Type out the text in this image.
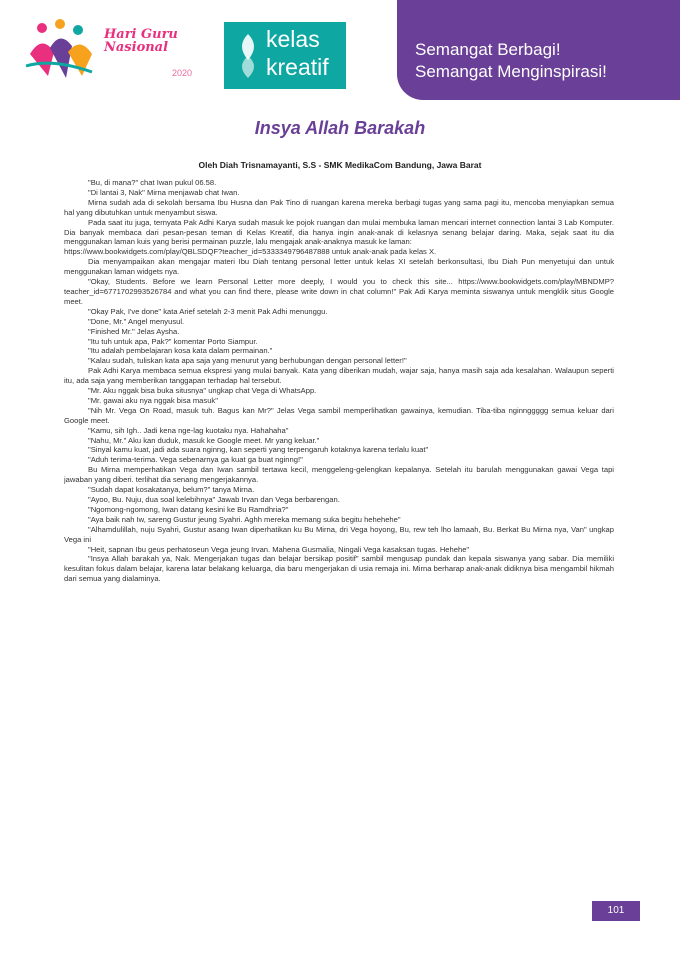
Hari Guru Nasional
2020
kelas
kreatif
Semangat Berbagi!
Semangat Menginspirasi!
Insya Allah Barakah
Oleh Diah Trisnamayanti, S.S - SMK MedikaCom Bandung, Jawa Barat

"Bu, di mana?" chat Iwan pukul 06.58.

"Di lantai 3, Nak" Mirna menjawab chat Iwan.

Mirna sudah ada di sekolah bersama Ibu Husna dan Pak Tino di ruangan karena mereka berbagi tugas yang sama pagi itu, mencoba menyiapkan semua hal yang dibutuhkan untuk menyambut siswa.

Pada saat itu juga, ternyata Pak Adhi Karya sudah masuk ke pojok ruangan dan mulai membuka laman mencari internet connection lantai 3 Lab Komputer. Dia banyak membaca dari pesan-pesan teman di Kelas Kreatif, dia hanya ingin anak-anak di kelasnya senang belajar daring. Maka, sejak saat itu dia menggunakan laman kuis yang berisi permainan puzzle, lalu mengajak anak-anaknya masuk ke laman:

https://www.bookwidgets.com/play/QBLSDQF?teacher_id=5333349796487888 untuk anak-anak pada kelas X.

Dia menyampaikan akan mengajar materi Ibu Diah tentang personal letter untuk kelas XI setelah berkonsultasi, Ibu Diah Pun menyetujui dan untuk menggunakan laman widgets nya.

"Okay, Students. Before we learn Personal Letter more deeply, I would you to check this site... https://www.bookwidgets.com/play/MBNDMP?teacher_id=6771702993526784 and what you can find there, please write down in chat column!" Pak Adi Karya meminta siswanya untuk mengklik situs Google meet.

"Okay Pak, I've done" kata Arief setelah 2-3 menit Pak Adhi menunggu.

"Done, Mr." Angel menyusul.

"Finished Mr." Jelas Aysha.

"Itu tuh untuk apa, Pak?" komentar Porto Siampur.

"Itu adalah pembelajaran kosa kata dalam permainan."

"Kalau sudah, tuliskan kata apa saja yang menurut yang berhubungan dengan personal letter!"

Pak Adhi Karya membaca semua ekspresi yang mulai banyak. Kata yang diberikan mudah, wajar saja, hanya masih saja ada kesalahan. Walaupun seperti itu, ada saja yang memberikan tanggapan terhadap hal tersebut.

"Mr. Aku nggak bisa buka situsnya" ungkap chat Vega di WhatsApp.

"Mr. gawai aku nya nggak bisa masuk"

"Nih Mr. Vega On Road, masuk tuh. Bagus kan Mr?" Jelas Vega sambil memperlihatkan gawainya, kemudian. Tiba-tiba nginnggggg semua keluar dari Google meet.

"Kamu, sih Igh.. Jadi kena nge-lag kuotaku nya. Hahahaha"

"Nahu, Mr." Aku kan duduk, masuk ke Google meet. Mr yang keluar."

"Sinyal kamu kuat, jadi ada suara nginng, kan seperti yang terpengaruh kotaknya karena terlalu kuat"

"Aduh terima-terima. Vega sebenarnya ga kuat ga buat nginng!"

Bu Mirna memperhatikan Vega dan Iwan sambil tertawa kecil, menggeleng-gelengkan kepalanya. Setelah itu barulah menggunakan gawai Vega tapi jawaban yang diberi. terlihat dia senang mengerjakannya.

"Sudah dapat kosakatanya, belum?" tanya Mirna.

"Ayoo, Bu. Nuju, dua soal kelebihnya" Jawab Irvan dan Vega berbarengan.

"Ngomong-ngomong, Iwan datang kesini ke Bu Ramdhria?"

"Aya baik nah Iw, sareng Gustur jeung Syahri. Aghh mereka memang suka begitu hehehehe"

"Alhamdulillah, nuju Syahri, Gustur asang Iwan diperhatikan ku Bu Mirna, dri Vega hoyong, Bu, rew teh lho lamaah, Bu. Berkat Bu Mirna nya, Van" ungkap Vega ini

"Heit, sapnan Ibu geus perhatoseun Vega jeung Irvan. Mahena Gusmalia, Ningali Vega kasaksan tugas. Hehehe"

"Insya Allah barakah ya, Nak. Mengerjakan tugas dan belajar bersikap positif" sambil mengusap pundak dan kepala siswanya yang sabar. Dia memiliki kesulitan fokus dalam belajar, karena latar belakang keluarga, dia baru mengerjakan di usia remaja ini. Mirna berharap anak-anak didiknya bisa mengambil hikmah dari semua yang dialaminya.

101
